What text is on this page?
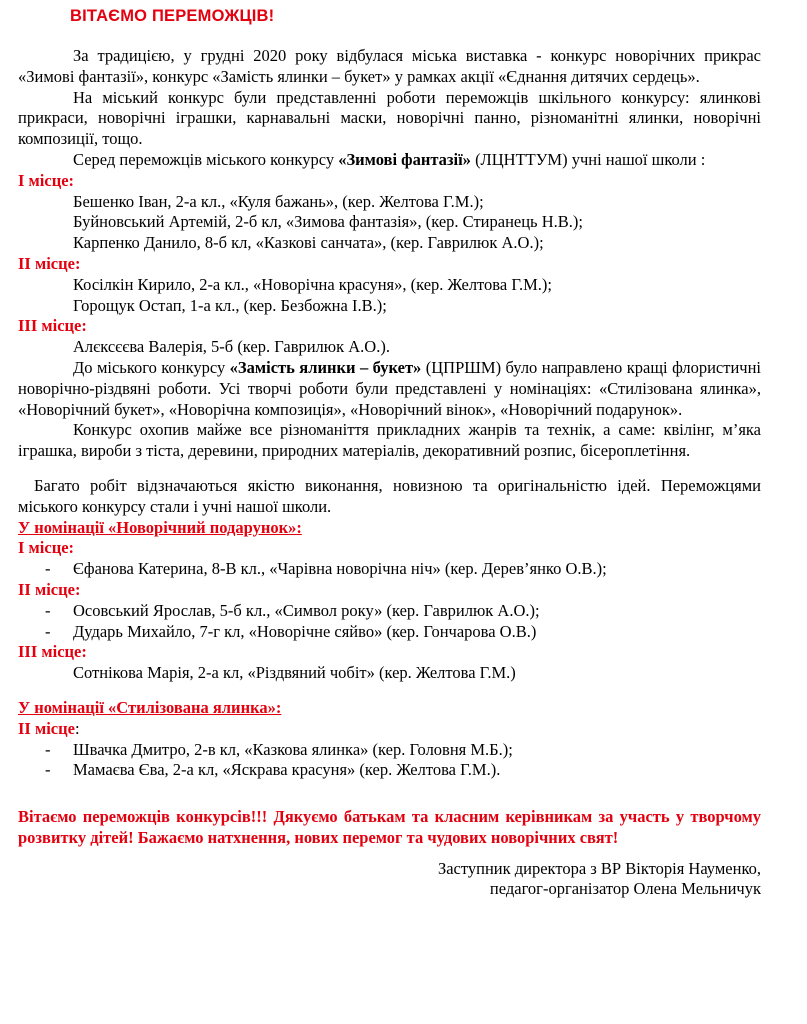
ВІТАЄМО ПЕРЕМОЖЦІВ!

За традицією, у грудні 2020 року відбулася міська виставка - конкурс новорічних прикрас «Зимові фантазії», конкурс «Замість ялинки – букет» у рамках акції «Єднання дитячих сердець».

На міський конкурс були представленні роботи переможців шкільного конкурсу: ялинкові прикраси, новорічні іграшки, карнавальні маски, новорічні панно, різноманітні ялинки, новорічні композиції, тощо.

Серед переможців міського конкурсу «Зимові фантазії» (ЛЦНТТУМ) учні нашої школи :

І місце:

Бешенко Іван, 2-а кл., «Куля бажань», (кер. Желтова Г.М.);

Буйновський Артемій, 2-б кл, «Зимова фантазія», (кер. Стиранець Н.В.);

Карпенко Данило, 8-б кл, «Казкові санчата», (кер. Гаврилюк А.О.);

ІІ місце:

Косілкін Кирило, 2-а кл., «Новорічна красуня», (кер. Желтова Г.М.);

Горощук Остап, 1-а кл., (кер. Безбожна І.В.);

ІІІ місце:

Алєксєєва Валерія, 5-б (кер. Гаврилюк А.О.).

До міського конкурсу «Замість ялинки – букет» (ЦПРШМ) було направлено кращі флористичні новорічно-різдвяні роботи. Усі творчі роботи були представлені у номінаціях: «Стилізована ялинка», «Новорічний букет», «Новорічна композиція», «Новорічний вінок», «Новорічний подарунок».

Конкурс охопив майже все різноманіття прикладних жанрів та технік, а саме: квілінг, м’яка іграшка, вироби з тіста, деревини, природних матеріалів, декоративний розпис, бісероплетіння.

Багато робіт відзначаються якістю виконання, новизною та оригінальністю ідей. Переможцями міського конкурсу стали і учні нашої школи.

У номінації «Новорічний подарунок»:

І місце:

- Єфанова Катерина, 8-В кл., «Чарівна новорічна ніч» (кер. Дерев’янко О.В.);

ІІ місце:

- Осовський Ярослав, 5-б кл., «Символ року» (кер. Гаврилюк А.О.);

- Дударь Михайло, 7-г кл, «Новорічне сяйво» (кер. Гончарова О.В.)

ІІІ місце:

Сотнікова Марія, 2-а кл, «Різдвяний чобіт» (кер. Желтова Г.М.)

У номінації «Стилізована ялинка»:

ІІ місце:

- Швачка Дмитро, 2-в кл, «Казкова ялинка» (кер. Головня М.Б.);

- Мамаєва Єва, 2-а кл, «Яскрава красуня» (кер. Желтова Г.М.).

Вітаємо переможців конкурсів!!! Дякуємо батькам та класним керівникам за участь у творчому розвитку дітей! Бажаємо натхнення, нових перемог та чудових новорічних свят!

Заступник директора з ВР Вікторія Науменко,

педагог-організатор Олена Мельничук
